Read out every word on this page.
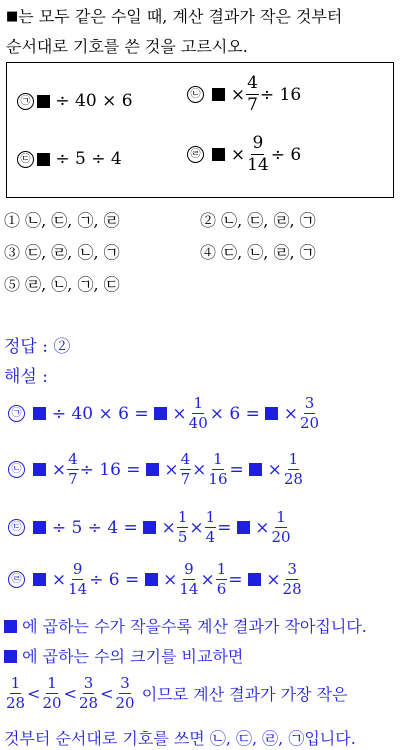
■는 모두 같은 수일 때, 계산 결과가 작은 것부터
순서대로 기호를 쓴 것을 고르시오.
㉠
÷ 40 × 6	㉡

× $\frac{4}{7} \div 16$
㉢
÷ 5 ÷ 4	㉣

× $\frac{9}{14} \div 6$
① ㉡, ㉢, ㉠, ㉣	② ㉡, ㉢, ㉣, ㉠
③ ㉢, ㉣, ㉡, ㉠	④ ㉢, ㉡, ㉣, ㉠
⑤ ㉣, ㉡, ㉠, ㉢
정답 : ②
해설 :
㉠

÷ 40 × 6 =

× $\frac{1}{40} \times 6$ =

× $\frac{3}{20}$
㉡

× $\frac{4}{7} \div 16$ =

× $\frac{4}{7} \times \frac{1}{16}$ =

× $\frac{1}{28}$
㉢

÷ 5 ÷ 4 =

× $\frac{1}{5} \times \frac{1}{4}$ =

× $\frac{1}{20}$
㉣

× $\frac{9}{14} \div 6$ =

× $\frac{9}{14} \times \frac{1}{6}$ =

× $\frac{3}{28}$
에 곱하는 수가 작을수록 계산 결과가 작아집니다.
에 곱하는 수의 크기를 비교하면
$\frac{1}{28} < \frac{1}{20} < \frac{3}{28} < \frac{3}{20}$
이므로 계산 결과가 가장 작은
것부터 순서대로 기호를 쓰면 ㉡, ㉢, ㉣, ㉠입니다.
